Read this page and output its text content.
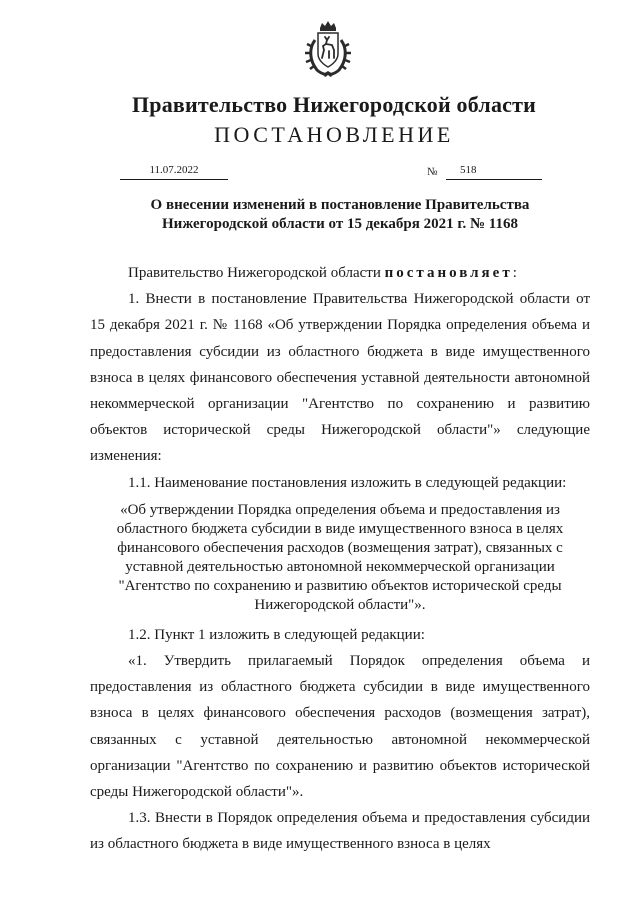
Правительство Нижегородской области
ПОСТАНОВЛЕНИЕ
11.07.2022	№	518
О внесении изменений в постановление Правительства
Нижегородской области от 15 декабря 2021 г. № 1168

Правительство Нижегородской области постановляет:

1. Внести в постановление Правительства Нижегородской области от 15 декабря 2021 г. № 1168 «Об утверждении Порядка определения объема и предоставления субсидии из областного бюджета в виде имущественного взноса в целях финансового обеспечения уставной деятельности автономной некоммерческой организации "Агентство по сохранению и развитию объектов исторической среды Нижегородской области"» следующие изменения:

1.1. Наименование постановления изложить в следующей редакции:

«Об утверждении Порядка определения объема и предоставления из областного бюджета субсидии в виде имущественного взноса в целях финансового обеспечения расходов (возмещения затрат), связанных с уставной деятельностью автономной некоммерческой организации "Агентство по сохранению и развитию объектов исторической среды Нижегородской области"».

1.2. Пункт 1 изложить в следующей редакции:

«1. Утвердить прилагаемый Порядок определения объема и предоставления из областного бюджета субсидии в виде имущественного взноса в целях финансового обеспечения расходов (возмещения затрат), связанных с уставной деятельностью автономной некоммерческой организации "Агентство по сохранению и развитию объектов исторической среды Нижегородской области"».

1.3. Внести в Порядок определения объема и предоставления субсидии из областного бюджета в виде имущественного взноса в целях
